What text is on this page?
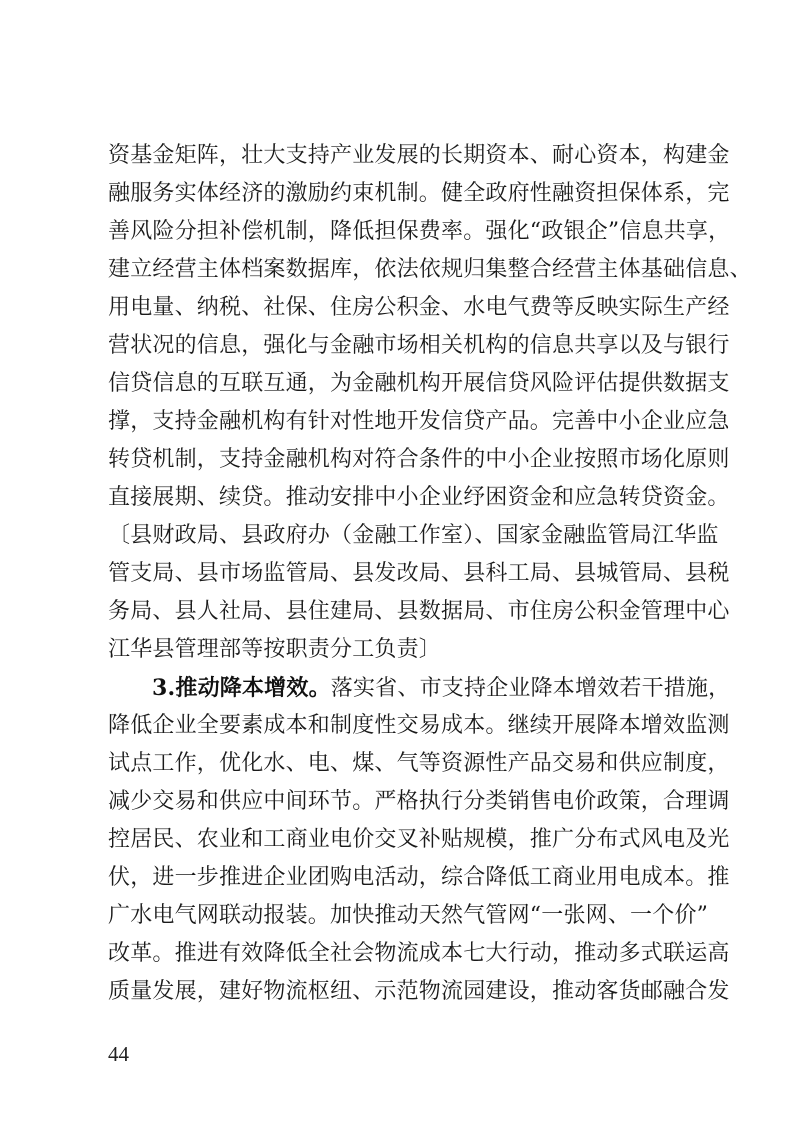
资基金矩阵，壮大支持产业发展的长期资本、耐心资本，构建金
融服务实体经济的激励约束机制。健全政府性融资担保体系，完
善风险分担补偿机制，降低担保费率。强化“政银企”信息共享，
建立经营主体档案数据库，依法依规归集整合经营主体基础信息、
用电量、纳税、社保、住房公积金、水电气费等反映实际生产经
营状况的信息，强化与金融市场相关机构的信息共享以及与银行
信贷信息的互联互通，为金融机构开展信贷风险评估提供数据支
撑，支持金融机构有针对性地开发信贷产品。完善中小企业应急
转贷机制，支持金融机构对符合条件的中小企业按照市场化原则
直接展期、续贷。推动安排中小企业纾困资金和应急转贷资金。
〔县财政局、县政府办（金融工作室）、国家金融监管局江华监
管支局、县市场监管局、县发改局、县科工局、县城管局、县税
务局、县人社局、县住建局、县数据局、市住房公积金管理中心
江华县管理部等按职责分工负责〕
3.推动降本增效。落实省、市支持企业降本增效若干措施，
降低企业全要素成本和制度性交易成本。继续开展降本增效监测
试点工作，优化水、电、煤、气等资源性产品交易和供应制度，
减少交易和供应中间环节。严格执行分类销售电价政策，合理调
控居民、农业和工商业电价交叉补贴规模，推广分布式风电及光
伏，进一步推进企业团购电活动，综合降低工商业用电成本。推
广水电气网联动报装。加快推动天然气管网“一张网、一个价”
改革。推进有效降低全社会物流成本七大行动，推动多式联运高
质量发展，建好物流枢纽、示范物流园建设，推动客货邮融合发
44
